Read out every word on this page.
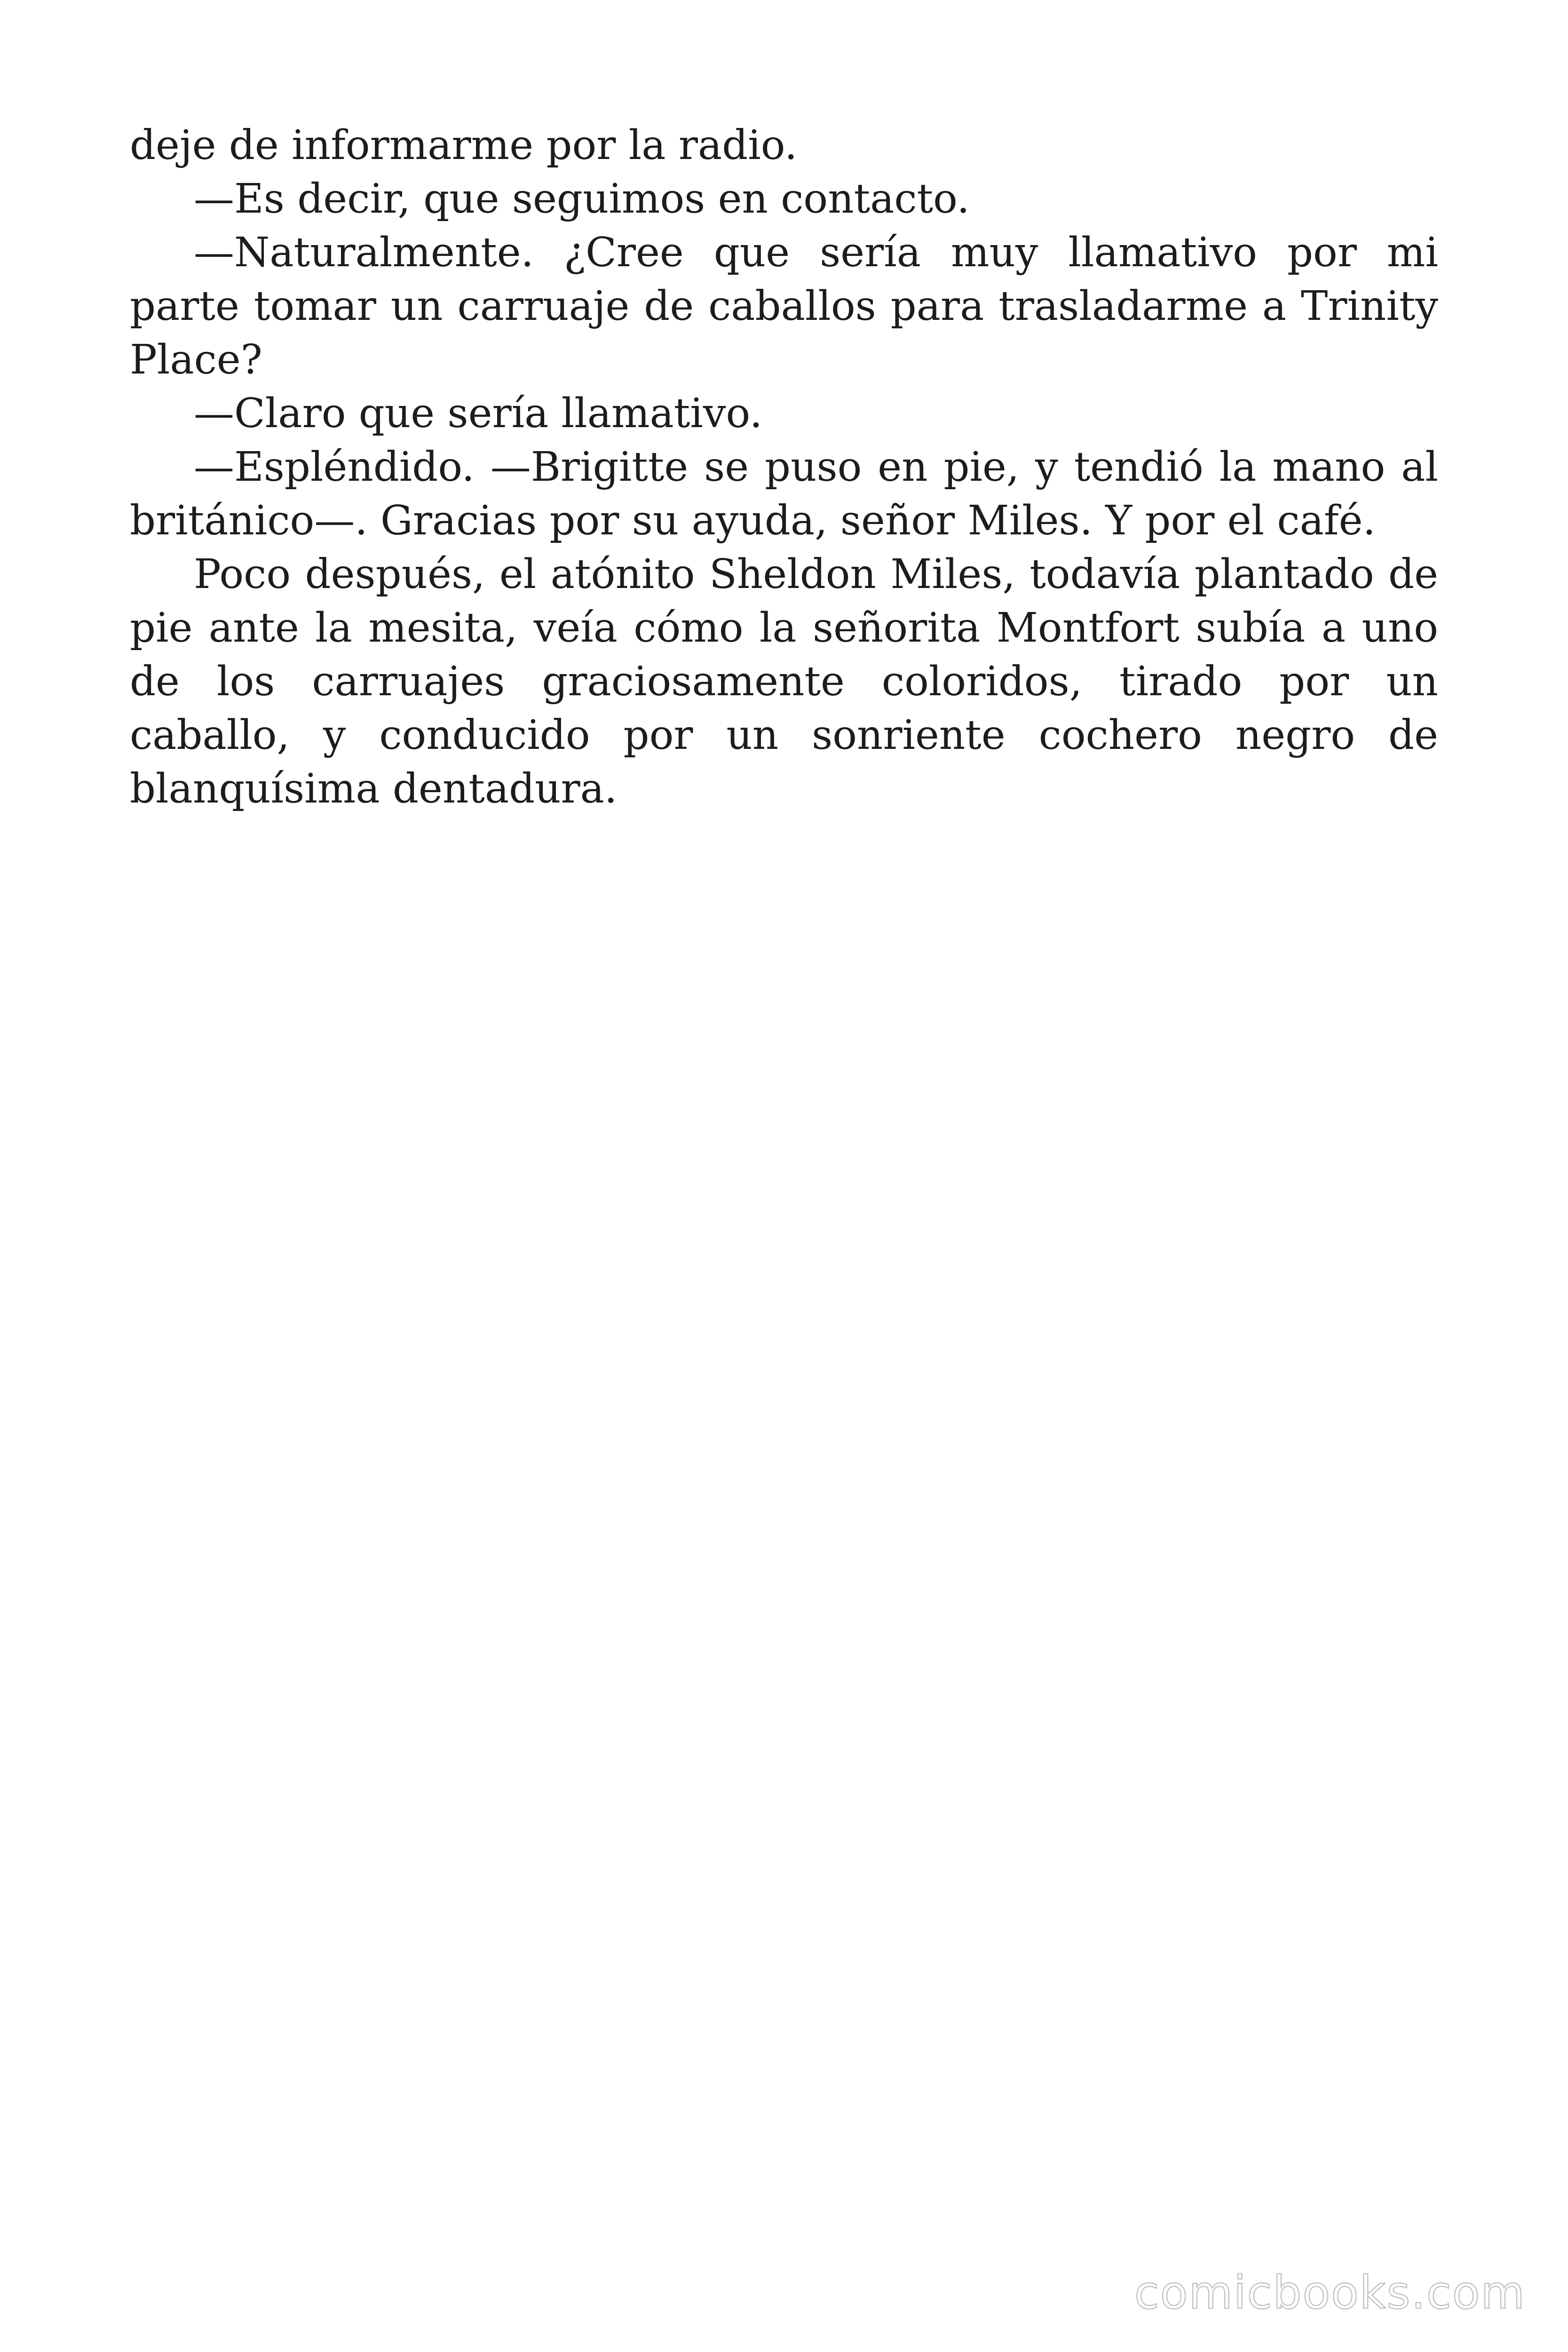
deje de informarme por la radio.

—Es decir, que seguimos en contacto.

—Naturalmente. ¿Cree que sería muy llamativo por mi parte tomar un carruaje de caballos para trasladarme a Trinity Place?

—Claro que sería llamativo.

—Espléndido. —Brigitte se puso en pie, y tendió la mano al británico—. Gracias por su ayuda, señor Miles. Y por el café.

Poco después, el atónito Sheldon Miles, todavía plantado de pie ante la mesita, veía cómo la señorita Montfort subía a uno de los carruajes graciosamente coloridos, tirado por un caballo, y conducido por un sonriente cochero negro de blanquísima dentadura.

comicbooks.com
